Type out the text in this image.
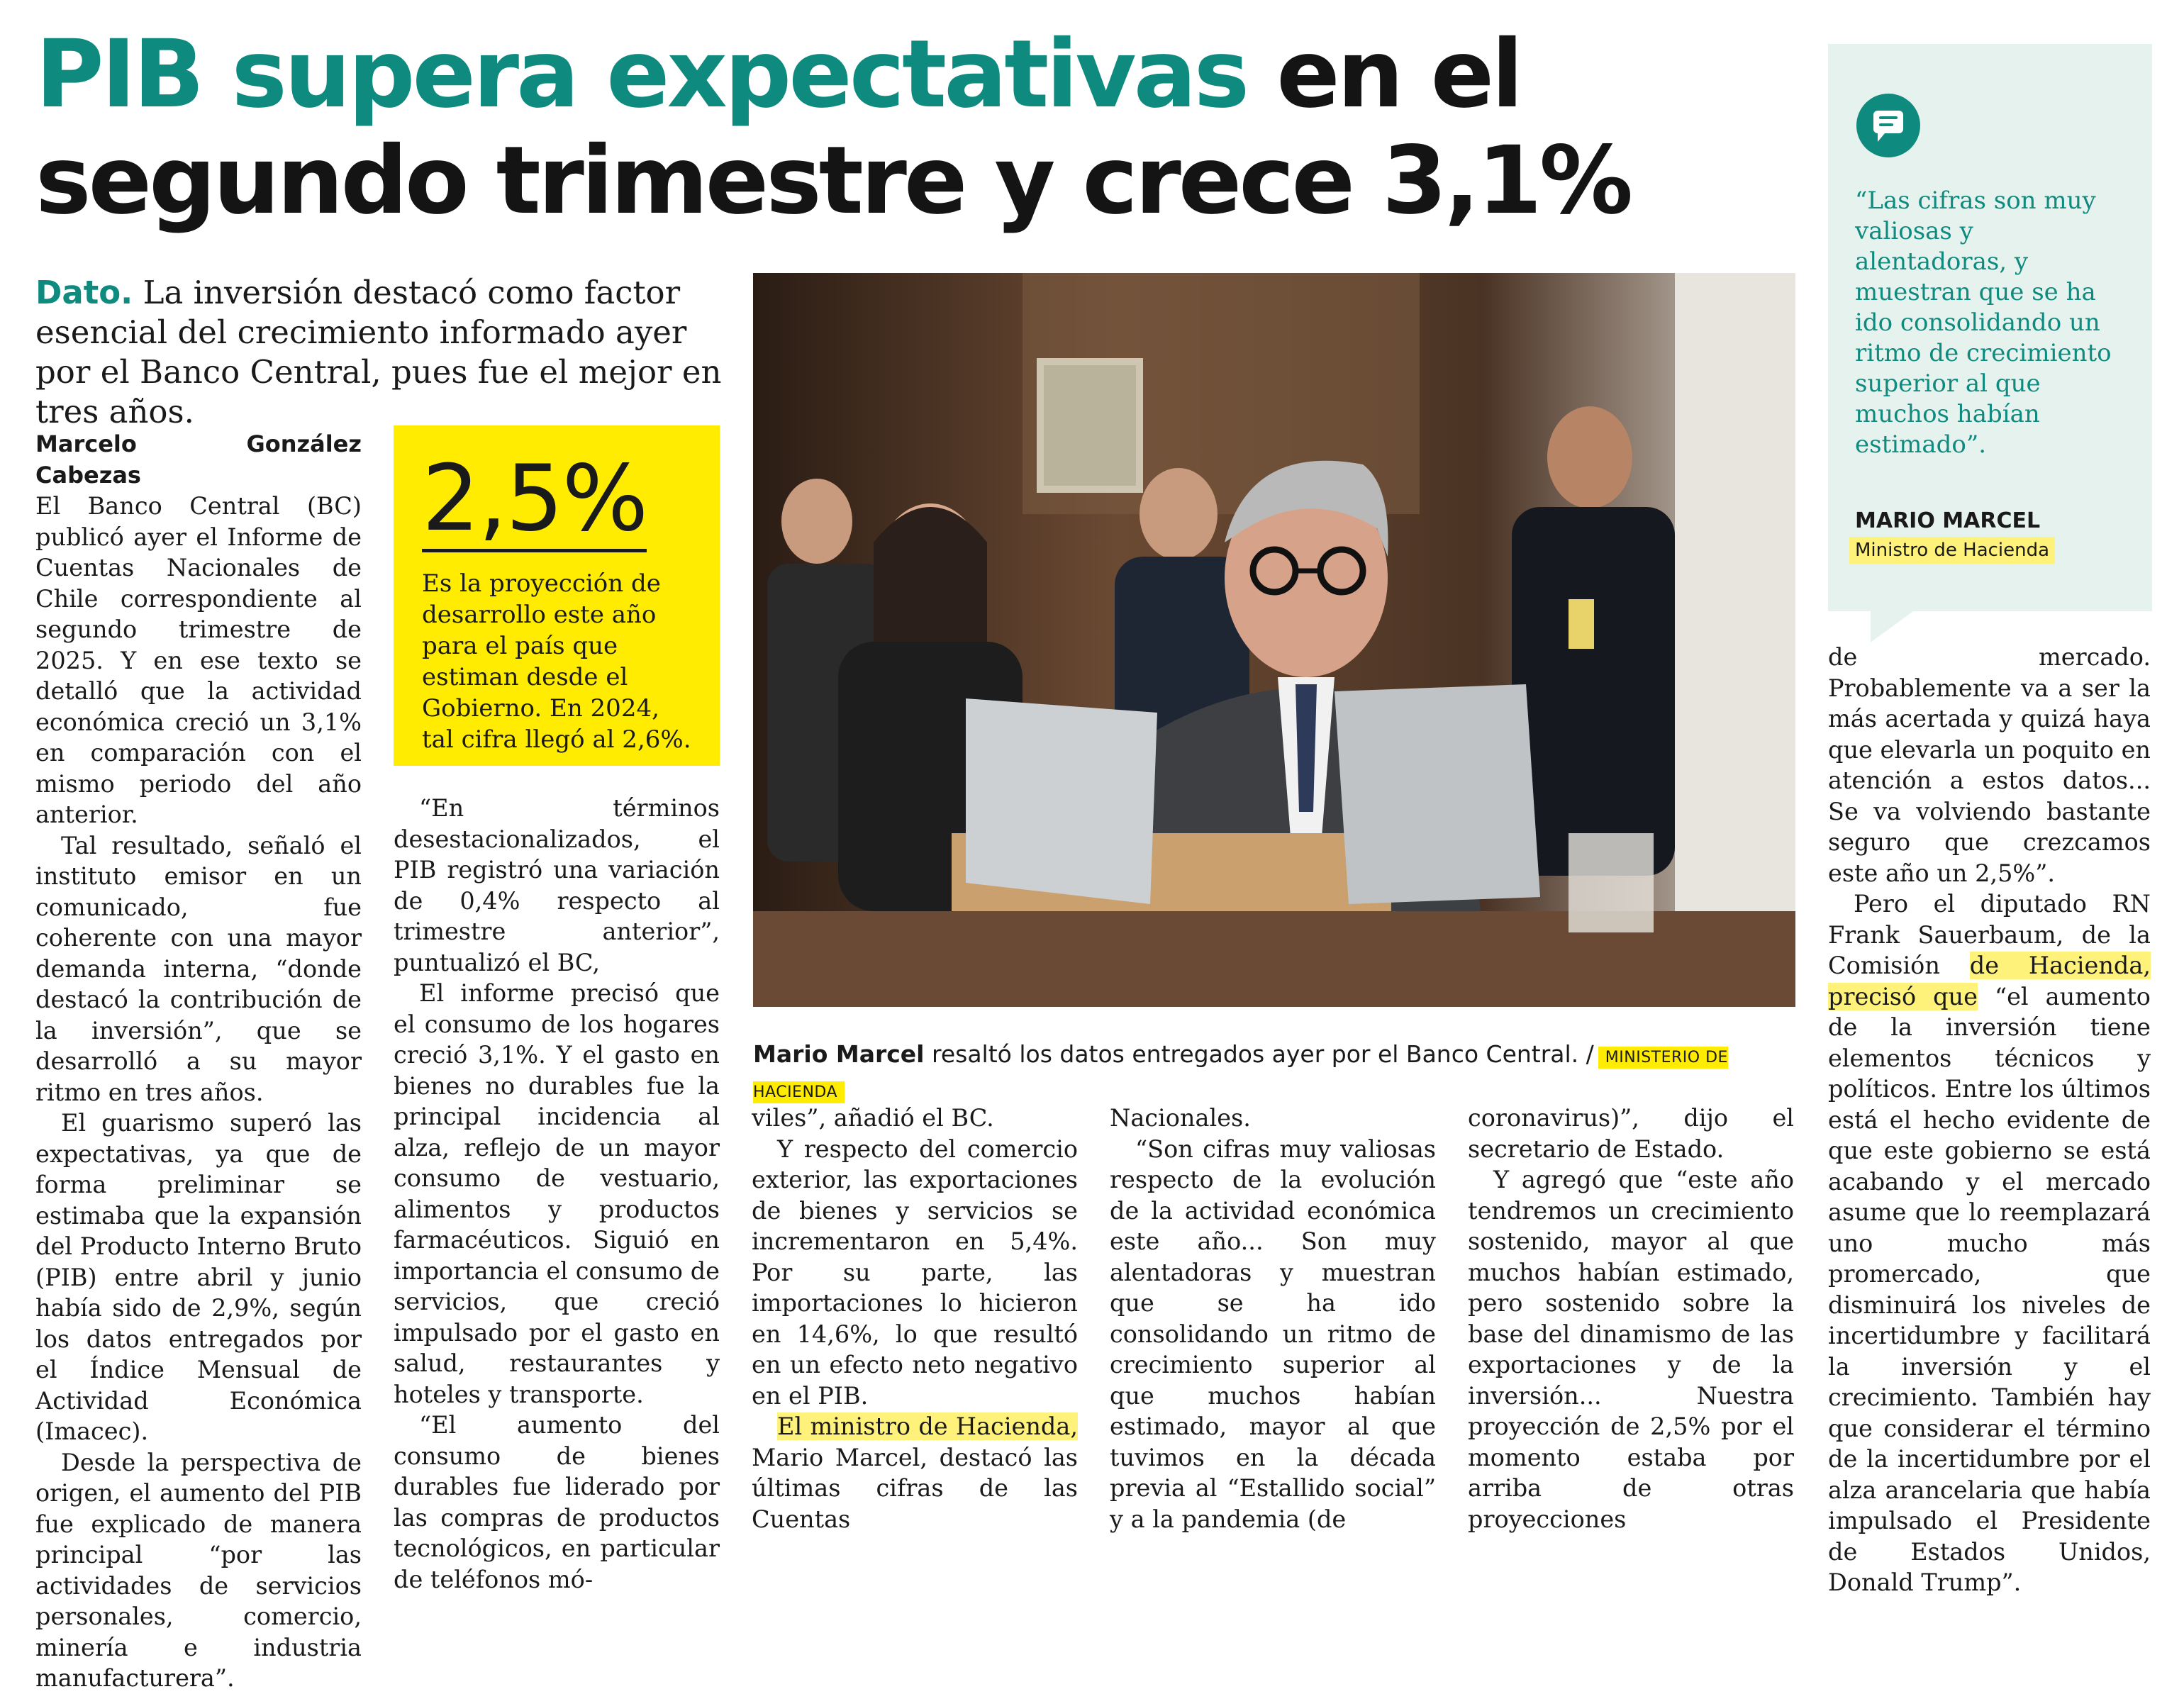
PIB supera expectativas en el segundo trimestre y crece 3,1%
Dato. La inversión destacó como factor esencial del crecimiento informado ayer por el Banco Central, pues fue el mejor en tres años.
Marcelo González Cabezas

El Banco Central (BC) publicó ayer el Informe de Cuentas Nacionales de Chile correspondiente al segundo trimestre de 2025. Y en ese texto se detalló que la actividad económica creció un 3,1% en comparación con el mismo periodo del año anterior.

Tal resultado, señaló el instituto emisor en un comunicado, fue coherente con una mayor demanda interna, “donde destacó la contribución de la inversión”, que se desarrolló a su mayor ritmo en tres años.

El guarismo superó las expectativas, ya que de forma preliminar se estimaba que la expansión del Producto Interno Bruto (PIB) entre abril y junio había sido de 2,9%, según los datos entregados por el Índice Mensual de Actividad Económica (Imacec).

Desde la perspectiva de origen, el aumento del PIB fue explicado de manera principal “por las actividades de servicios personales, comercio, minería e industria manufacturera”.

2,5%
Es la proyección de desarrollo este año para el país que estiman desde el Gobierno. En 2024, tal cifra llegó al 2,6%.

“En términos desestacionalizados, el PIB registró una variación de 0,4% respecto al trimestre anterior”, puntualizó el BC,

El informe precisó que el consumo de los hogares creció 3,1%. Y el gasto en bienes no durables fue la principal incidencia al alza, reflejo de un mayor consumo de vestuario, alimentos y productos farmacéuticos. Siguió en importancia el consumo de servicios, que creció impulsado por el gasto en salud, restaurantes y hoteles y transporte.

“El aumento del consumo de bienes durables fue liderado por las compras de productos tecnológicos, en particular de teléfonos mó-

Mario Marcel resaltó los datos entregados ayer por el Banco Central. / MINISTERIO DE HACIENDA

viles”, añadió el BC.

Y respecto del comercio exterior, las exportaciones de bienes y servicios se incrementaron en 5,4%. Por su parte, las importaciones lo hicieron en 14,6%, lo que resultó en un efecto neto negativo en el PIB.

El ministro de Hacienda, Mario Marcel, destacó las últimas cifras de las Cuentas

Nacionales.

“Son cifras muy valiosas respecto de la evolución de la actividad económica este año... Son muy alentadoras y muestran que se ha ido consolidando un ritmo de crecimiento superior al que muchos habían estimado, mayor al que tuvimos en la década previa al “Estallido social” y a la pandemia (de

coronavirus)”, dijo el secretario de Estado.

Y agregó que “este año tendremos un crecimiento sostenido, mayor al que muchos habían estimado, pero sostenido sobre la base del dinamismo de las exportaciones y de la inversión... Nuestra proyección de 2,5% por el momento estaba por arriba de otras proyecciones

“Las cifras son muy valiosas y alentadoras, y muestran que se ha ido consolidando un ritmo de crecimiento superior al que muchos habían estimado”.
MARIO MARCEL
Ministro de Hacienda

de mercado. Probablemente va a ser la más acertada y quizá haya que elevarla un poquito en atención a estos datos... Se va volviendo bastante seguro que crezcamos este año un 2,5%”.

Pero el diputado RN Frank Sauerbaum, de la Comisión de Hacienda, precisó que “el aumento de la inversión tiene elementos técnicos y políticos. Entre los últimos está el hecho evidente de que este gobierno se está acabando y el mercado asume que lo reemplazará uno mucho más promercado, que disminuirá los niveles de incertidumbre y facilitará la inversión y el crecimiento. También hay que considerar el término de la incertidumbre por el alza arancelaria que había impulsado el Presidente de Estados Unidos, Donald Trump”.
